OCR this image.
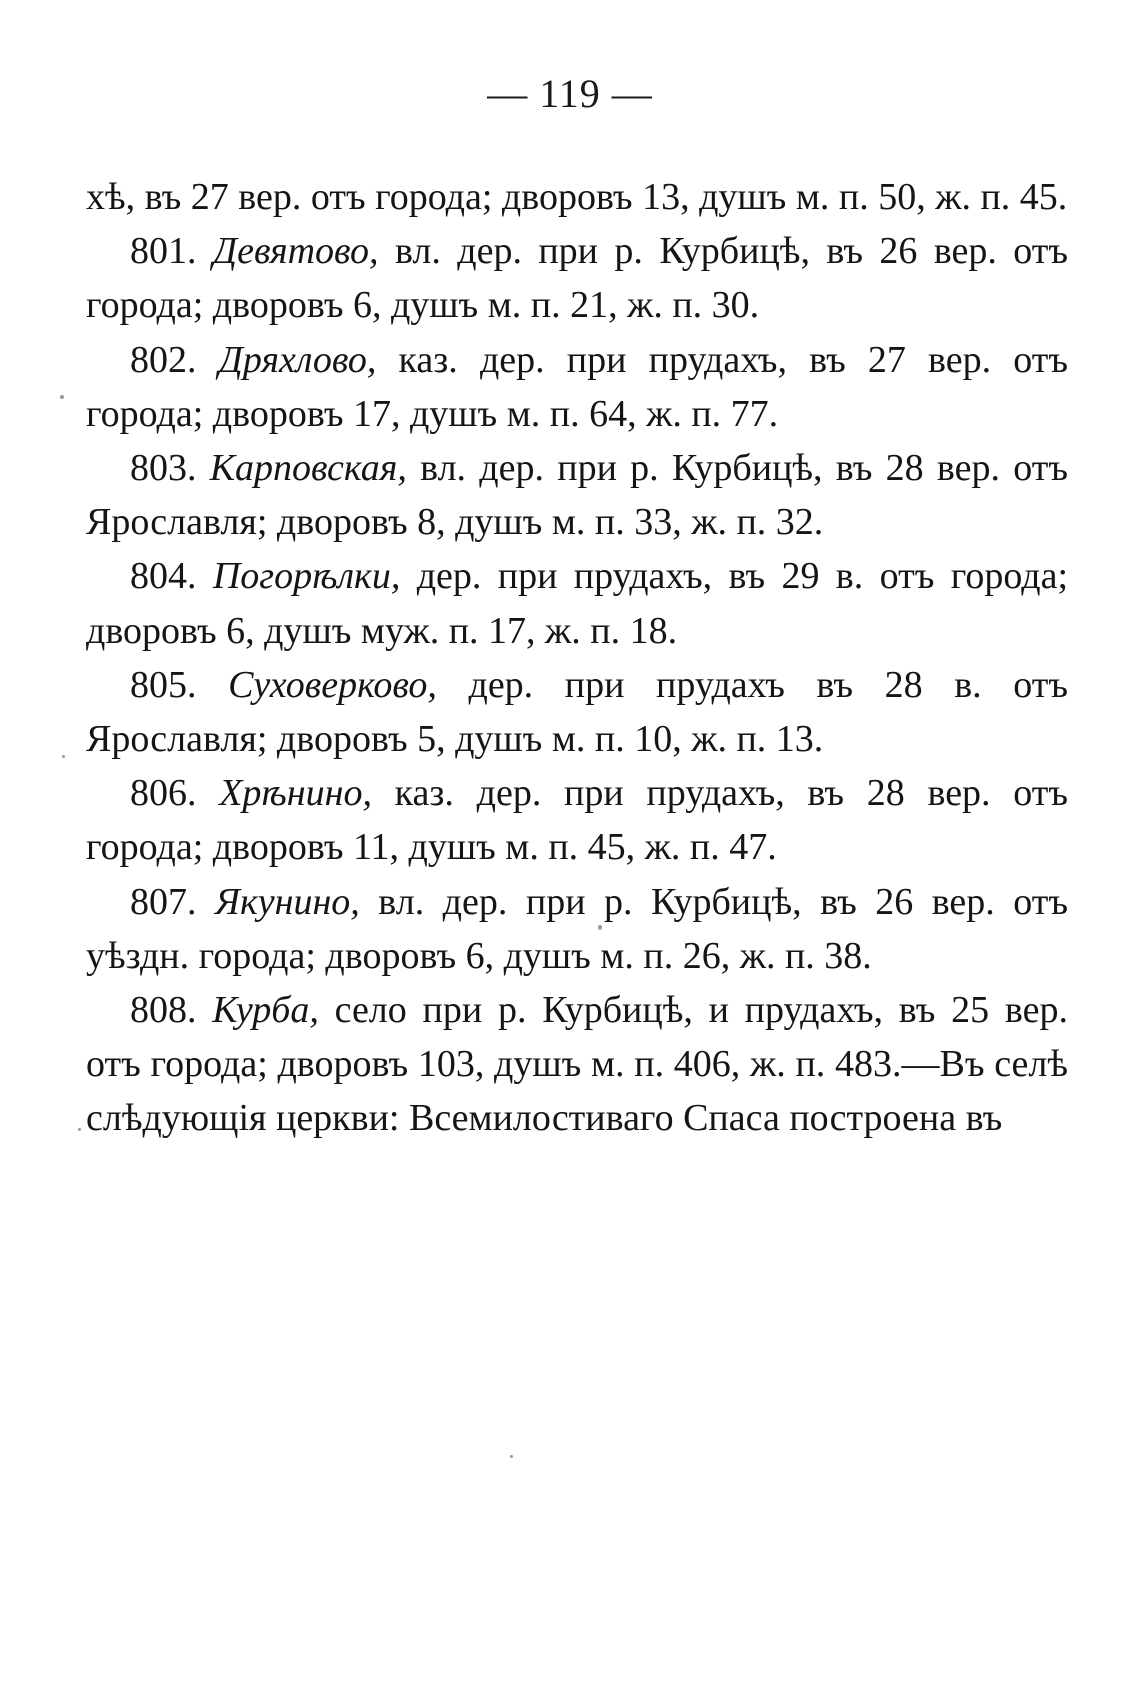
— 119 —

хѣ, въ 27 вер. отъ города; дворовъ 13, душъ м. п. 50, ж. п. 45.

801. Девятово, вл. дер. при р. Курбицѣ, въ 26 вер. отъ города; дворовъ 6, душъ м. п. 21, ж. п. 30.

802. Дряхлово, каз. дер. при прудахъ, въ 27 вер. отъ города; дворовъ 17, душъ м. п. 64, ж. п. 77.

803. Карповская, вл. дер. при р. Курбицѣ, въ 28 вер. отъ Ярославля; дворовъ 8, душъ м. п. 33, ж. п. 32.

804. Погорѣлки, дер. при прудахъ, въ 29 в. отъ города; дворовъ 6, душъ муж. п. 17, ж. п. 18.

805. Суховерково, дер. при прудахъ въ 28 в. отъ Ярославля; дворовъ 5, душъ м. п. 10, ж. п. 13.

806. Хрѣнино, каз. дер. при прудахъ, въ 28 вер. отъ города; дворовъ 11, душъ м. п. 45, ж. п. 47.

807. Якунино, вл. дер. при р. Курбицѣ, въ 26 вер. отъ уѣздн. города; дворовъ 6, душъ м. п. 26, ж. п. 38.

808. Курба, село при р. Курбицѣ, и прудахъ, въ 25 вер. отъ города; дворовъ 103, душъ м. п. 406, ж. п. 483.—Въ селѣ слѣдующія церкви: Всемилостиваго Спаса построена въ
